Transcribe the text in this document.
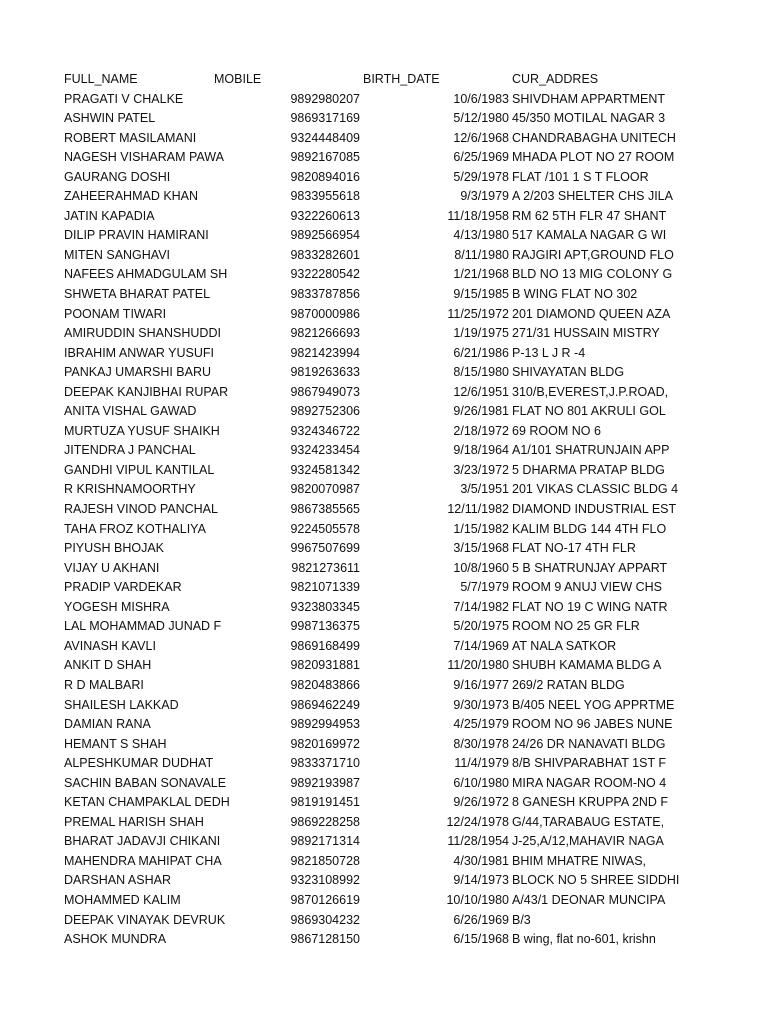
FULL_NAME	MOBILE	BIRTH_DATE	CUR_ADDRES
PRAGATI V CHALKE	9892980207	10/6/1983 SHIVDHAM APPARTMENT
ASHWIN PATEL	9869317169	5/12/1980 45/350 MOTILAL NAGAR 3
ROBERT MASILAMANI	9324448409	12/6/1968 CHANDRABAGHA UNITECH
NAGESH VISHARAM PAWA	9892167085	6/25/1969 MHADA PLOT NO 27 ROOM
GAURANG DOSHI	9820894016	5/29/1978 FLAT /101 1 S T FLOOR
ZAHEERAHMAD KHAN	9833955618	9/3/1979 A 2/203 SHELTER CHS JILA
JATIN KAPADIA	9322260613	11/18/1958 RM 62 5TH FLR 47 SHANT
DILIP PRAVIN HAMIRANI	9892566954	4/13/1980 517 KAMALA NAGAR G WI
MITEN SANGHAVI	9833282601	8/11/1980 RAJGIRI APT,GROUND FLO
NAFEES AHMADGULAM SH	9322280542	1/21/1968 BLD NO 13 MIG COLONY G
SHWETA BHARAT PATEL	9833787856	9/15/1985 B WING FLAT NO 302
POONAM TIWARI	9870000986	11/25/1972 201 DIAMOND QUEEN AZA
AMIRUDDIN SHANSHUDDI	9821266693	1/19/1975 271/31 HUSSAIN MISTRY
IBRAHIM ANWAR YUSUFI	9821423994	6/21/1986 P-13 L J R -4
PANKAJ UMARSHI BARU	9819263633	8/15/1980 SHIVAYATAN BLDG
DEEPAK KANJIBHAI RUPAR	9867949073	12/6/1951 310/B,EVEREST,J.P.ROAD,
ANITA VISHAL GAWAD	9892752306	9/26/1981 FLAT NO 801 AKRULI GOL
MURTUZA YUSUF SHAIKH	9324346722	2/18/1972 69 ROOM NO 6
JITENDRA J PANCHAL	9324233454	9/18/1964 A1/101 SHATRUNJAIN APP
GANDHI VIPUL KANTILAL	9324581342	3/23/1972 5 DHARMA PRATAP BLDG
R KRISHNAMOORTHY	9820070987	3/5/1951 201 VIKAS CLASSIC BLDG 4
RAJESH VINOD PANCHAL	9867385565	12/11/1982 DIAMOND INDUSTRIAL EST
TAHA FROZ KOTHALIYA	9224505578	1/15/1982 KALIM BLDG 144 4TH FLO
PIYUSH BHOJAK	9967507699	3/15/1968 FLAT NO-17 4TH FLR
VIJAY U AKHANI	9821273611	10/8/1960 5 B SHATRUNJAY APPART
PRADIP VARDEKAR	9821071339	5/7/1979 ROOM 9 ANUJ VIEW CHS
YOGESH MISHRA	9323803345	7/14/1982 FLAT NO 19 C WING NATR
LAL MOHAMMAD JUNAD F	9987136375	5/20/1975 ROOM NO 25 GR FLR
AVINASH KAVLI	9869168499	7/14/1969 AT NALA SATKOR
ANKIT D SHAH	9820931881	11/20/1980 SHUBH KAMAMA BLDG A
R D MALBARI	9820483866	9/16/1977 269/2 RATAN BLDG
SHAILESH LAKKAD	9869462249	9/30/1973 B/405 NEEL YOG APPRTME
DAMIAN RANA	9892994953	4/25/1979 ROOM NO 96 JABES NUNE
HEMANT S SHAH	9820169972	8/30/1978 24/26 DR NANAVATI BLDG
ALPESHKUMAR DUDHAT	9833371710	11/4/1979 8/B SHIVPARABHAT 1ST F
SACHIN BABAN SONAVALE	9892193987	6/10/1980 MIRA NAGAR ROOM-NO 4
KETAN CHAMPAKLAL DEDH	9819191451	9/26/1972 8 GANESH KRUPPA 2ND F
PREMAL HARISH SHAH	9869228258	12/24/1978 G/44,TARABAUG ESTATE,
BHARAT JADAVJI CHIKANI	9892171314	11/28/1954 J-25,A/12,MAHAVIR NAGA
MAHENDRA MAHIPAT CHA	9821850728	4/30/1981 BHIM MHATRE NIWAS,
DARSHAN ASHAR	9323108992	9/14/1973 BLOCK NO 5 SHREE SIDDHI
MOHAMMED KALIM	9870126619	10/10/1980 A/43/1 DEONAR MUNCIPA
DEEPAK VINAYAK DEVRUK	9869304232	6/26/1969 B/3
ASHOK MUNDRA	9867128150	6/15/1968 B wing, flat no-601, krishn
